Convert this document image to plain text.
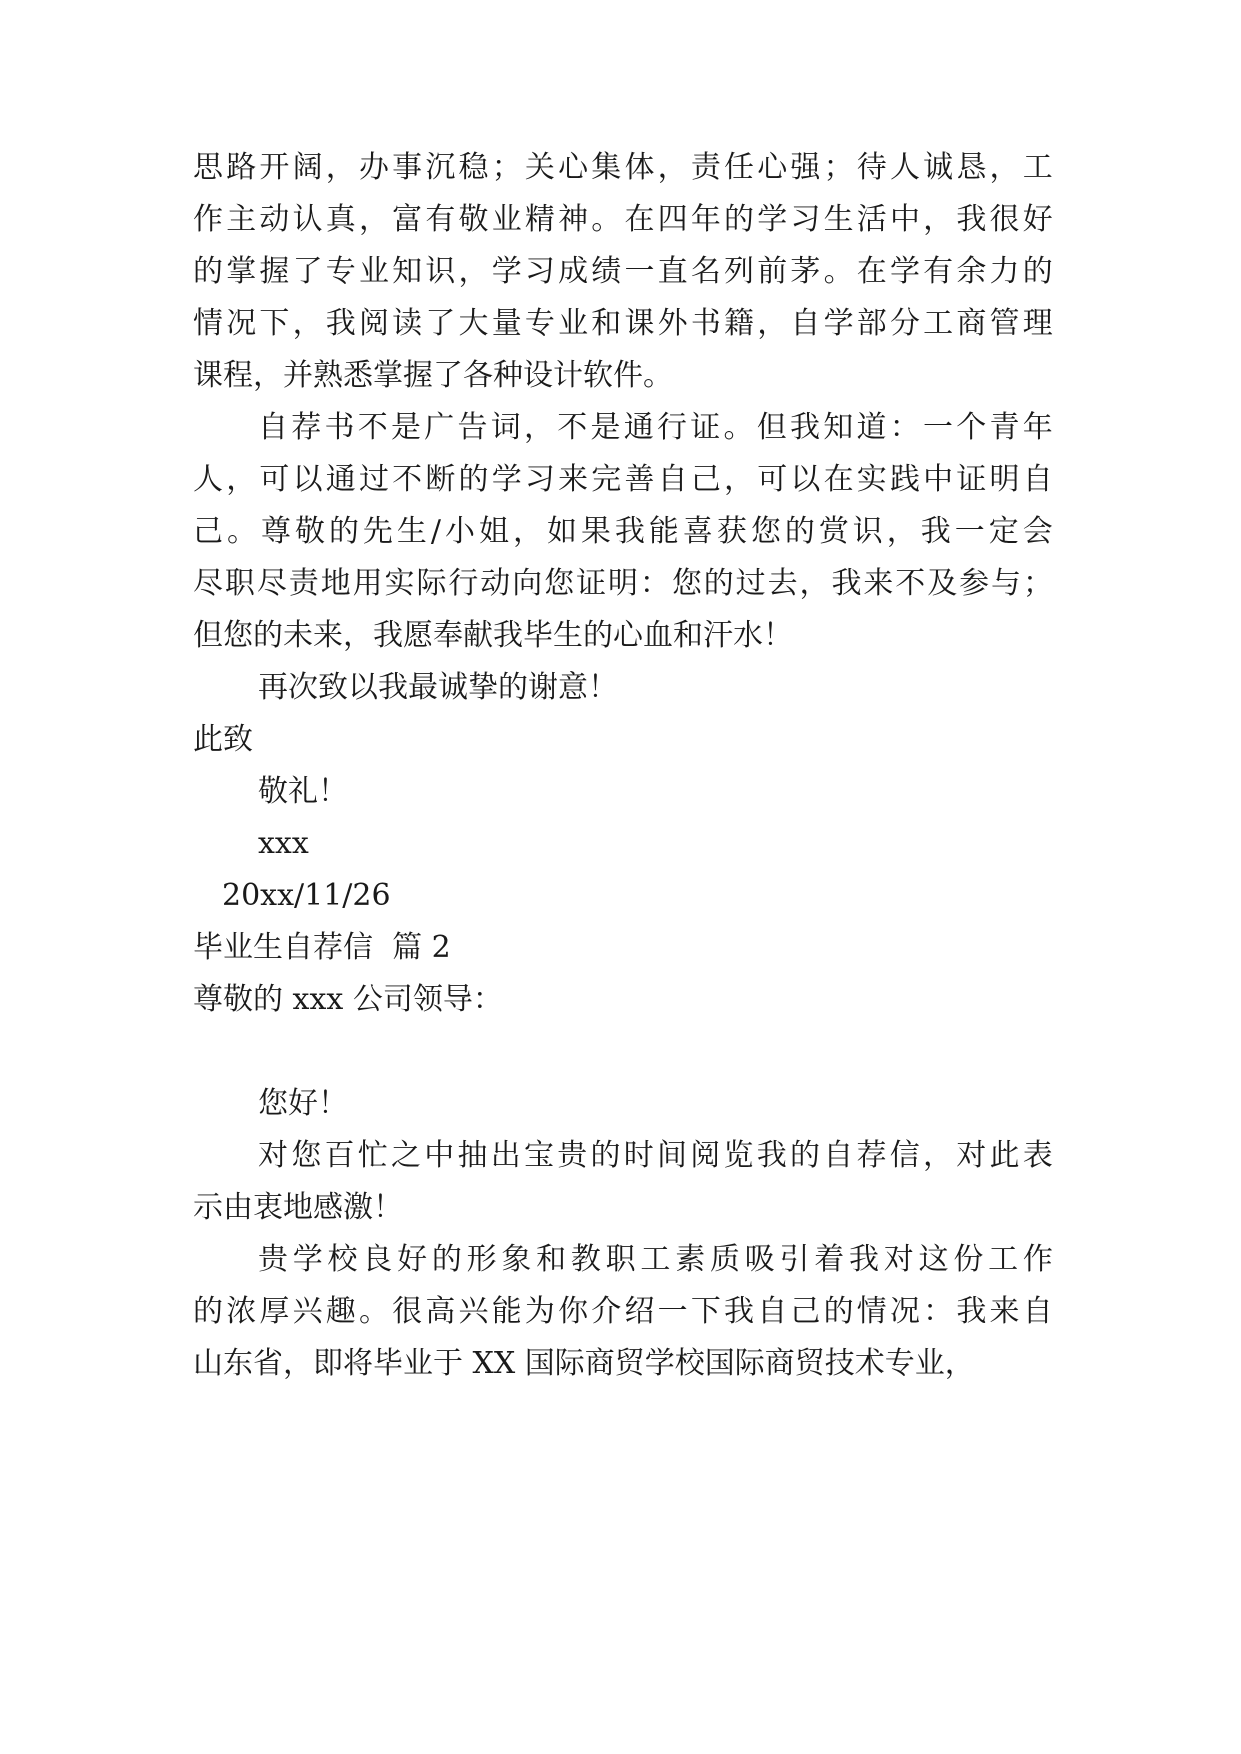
思 路 开 阔 ， 办 事 沉 稳 ； 关 心 集 体 ， 责 任 心 强 ； 待 人 诚 恳 ， 工
作 主 动 认 真 ， 富 有 敬 业 精 神 。 在 四 年 的 学 习 生 活 中 ， 我 很 好
的 掌 握 了 专 业 知 识 ， 学 习 成 绩 一 直 名 列 前 茅 。 在 学 有 余 力 的
情 况 下 ， 我 阅 读 了 大 量 专 业 和 课 外 书 籍 ， 自 学 部 分 工 商 管 理
课程，并熟悉掌握了各种设计软件。
自 荐 书 不 是 广 告 词 ， 不 是 通 行 证 。 但 我 知 道 ： 一 个 青 年
人 ， 可 以 通 过 不 断 的 学 习 来 完 善 自 己 ， 可 以 在 实 践 中 证 明 自
己 。 尊 敬 的 先 生 / 小 姐 ， 如 果 我 能 喜 获 您 的 赏 识 ， 我 一 定 会
尽 职 尽 责 地 用 实 际 行 动 向 您 证 明 ： 您 的 过 去 ， 我 来 不 及 参 与 ；
但您的未来，我愿奉献我毕生的心血和汗水！
再次致以我最诚挚的谢意！
此致
敬礼！
xxx
20xx/11/26
毕业生自荐信  篇 2
尊敬的 xxx 公司领导：
您好！
对 您 百 忙 之 中 抽 出 宝 贵 的 时 间 阅 览 我 的 自 荐 信 ， 对 此 表
示由衷地感激！
贵 学 校 良 好 的 形 象 和 教 职 工 素 质 吸 引 着 我 对 这 份 工 作
的 浓 厚 兴 趣 。 很 高 兴 能 为 你 介 绍 一 下 我 自 己 的 情 况 ： 我 来 自
山东省，即将毕业于 XX 国际商贸学校国际商贸技术专业，
